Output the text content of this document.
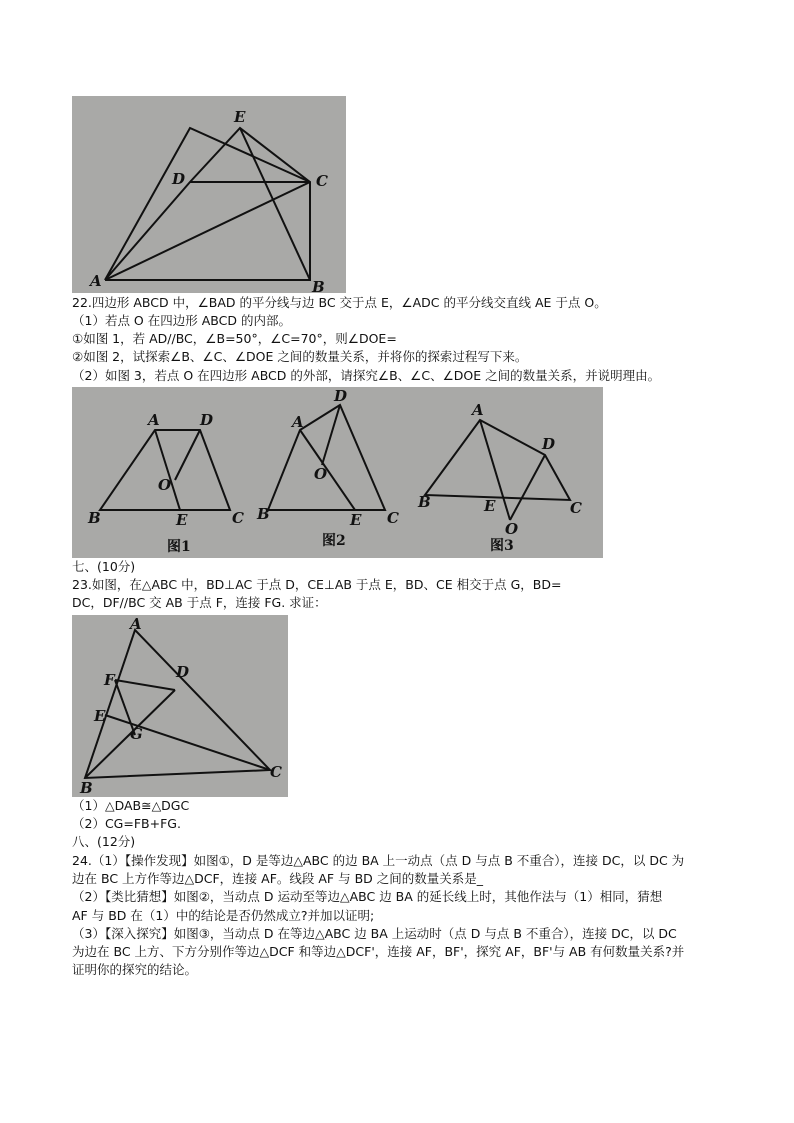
E
D	C
A	B
22.四边形 ABCD 中，∠BAD 的平分线与边 BC 交于点 E，∠ADC 的平分线交直线 AE 于点 O。
（1）若点 O 在四边形 ABCD 的内部。
①如图 1，若 AD//BC，∠B=50°，∠C=70°，则∠DOE=
②如图 2，试探索∠B、∠C、∠DOE 之间的数量关系，并将你的探索过程写下来。
（2）如图 3，若点 O 在四边形 ABCD 的外部，请探究∠B、∠C、∠DOE 之间的数量关系，并说明理由。
A	D
B	C
O
E
图1
A
D
B	C
O
E
图2
A
D
B	C
O
E
图3
七、(10分)
23.如图，在△ABC 中，BD⊥AC 于点 D，CE⊥AB 于点 E，BD、CE 相交于点 G，BD=
DC，DF//BC 交 AB 于点 F，连接 FG. 求证：
A
D
F
E
G
B
C
（1）△DAB≅△DGC
（2）CG=FB+FG.
八、(12分)
24.（1）【操作发现】如图①，D 是等边△ABC 的边 BA 上一动点（点 D 与点 B 不重合），连接 DC，以 DC 为
边在 BC 上方作等边△DCF，连接 AF。线段 AF 与 BD 之间的数量关系是_
（2）【类比猜想】如图②，当动点 D 运动至等边△ABC 边 BA 的延长线上时，其他作法与（1）相同，猜想
AF 与 BD 在（1）中的结论是否仍然成立?并加以证明;
（3）【深入探究】如图③，当动点 D 在等边△ABC 边 BA 上运动时（点 D 与点 B 不重合），连接 DC，以 DC
为边在 BC 上方、下方分别作等边△DCF 和等边△DCF'，连接 AF，BF'，探究 AF，BF'与 AB 有何数量关系?并
证明你的探究的结论。
